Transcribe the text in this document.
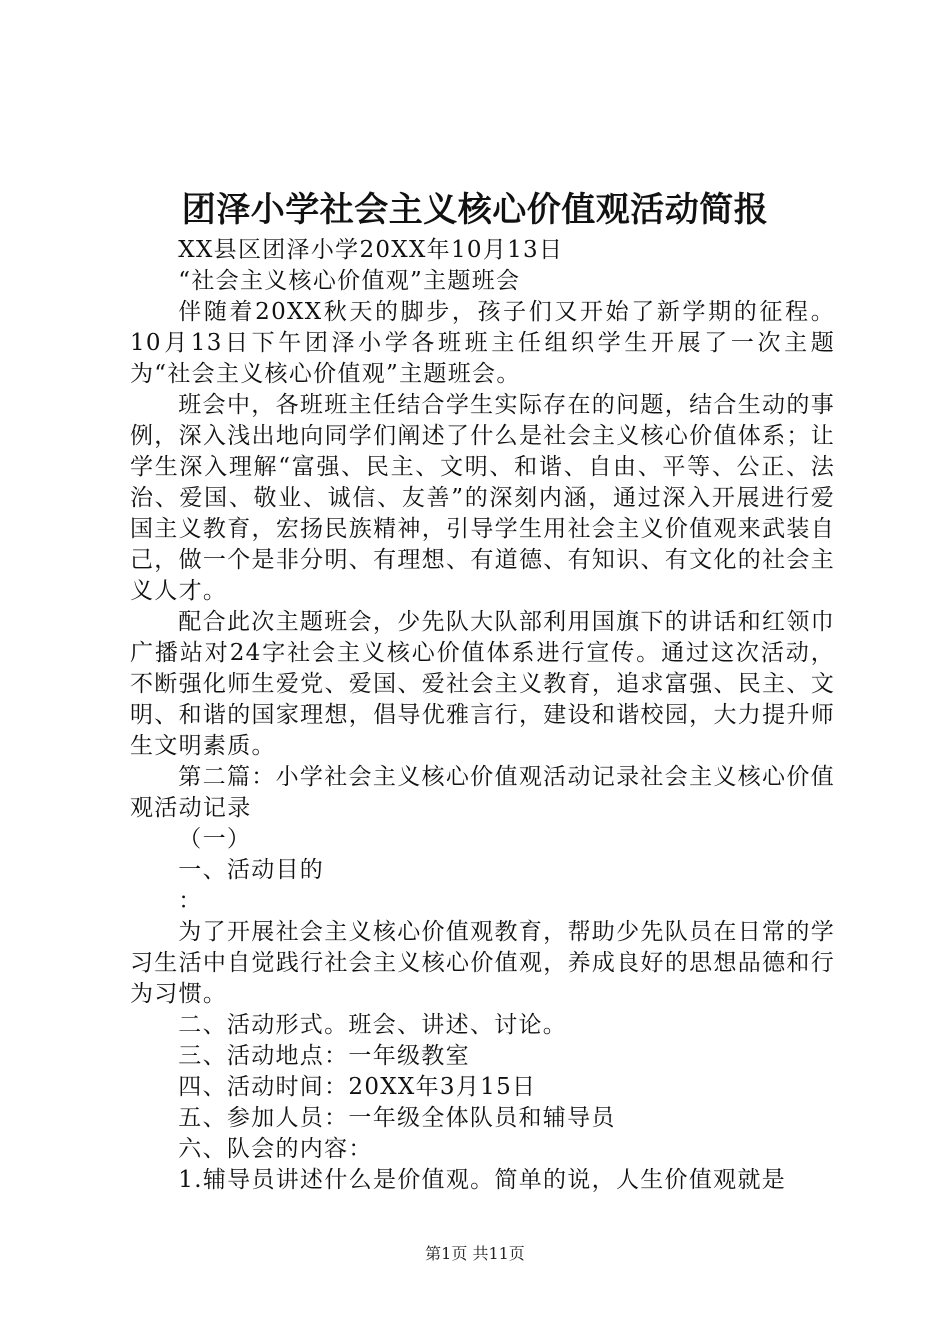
团泽小学社会主义核心价值观活动简报

XX县区团泽小学20XX年10月13日

“社会主义核心价值观”主题班会

伴随着20XX秋天的脚步，孩子们又开始了新学期的征程。10月13日下午团泽小学各班班主任组织学生开展了一次主题为“社会主义核心价值观”主题班会。

班会中，各班班主任结合学生实际存在的问题，结合生动的事例，深入浅出地向同学们阐述了什么是社会主义核心价值体系；让学生深入理解“富强、民主、文明、和谐、自由、平等、公正、法治、爱国、敬业、诚信、友善”的深刻内涵，通过深入开展进行爱国主义教育，宏扬民族精神，引导学生用社会主义价值观来武装自己，做一个是非分明、有理想、有道德、有知识、有文化的社会主义人才。

配合此次主题班会，少先队大队部利用国旗下的讲话和红领巾广播站对24字社会主义核心价值体系进行宣传。通过这次活动，不断强化师生爱党、爱国、爱社会主义教育，追求富强、民主、文明、和谐的国家理想，倡导优雅言行，建设和谐校园，大力提升师生文明素质。

第二篇：小学社会主义核心价值观活动记录社会主义核心价值观活动记录

（一）

一、活动目的

：

为了开展社会主义核心价值观教育，帮助少先队员在日常的学习生活中自觉践行社会主义核心价值观，养成良好的思想品德和行为习惯。

二、活动形式。班会、讲述、讨论。

三、活动地点：一年级教室

四、活动时间：20XX年3月15日

五、参加人员：一年级全体队员和辅导员

六、队会的内容：

1.辅导员讲述什么是价值观。简单的说，人生价值观就是

第1页 共11页
